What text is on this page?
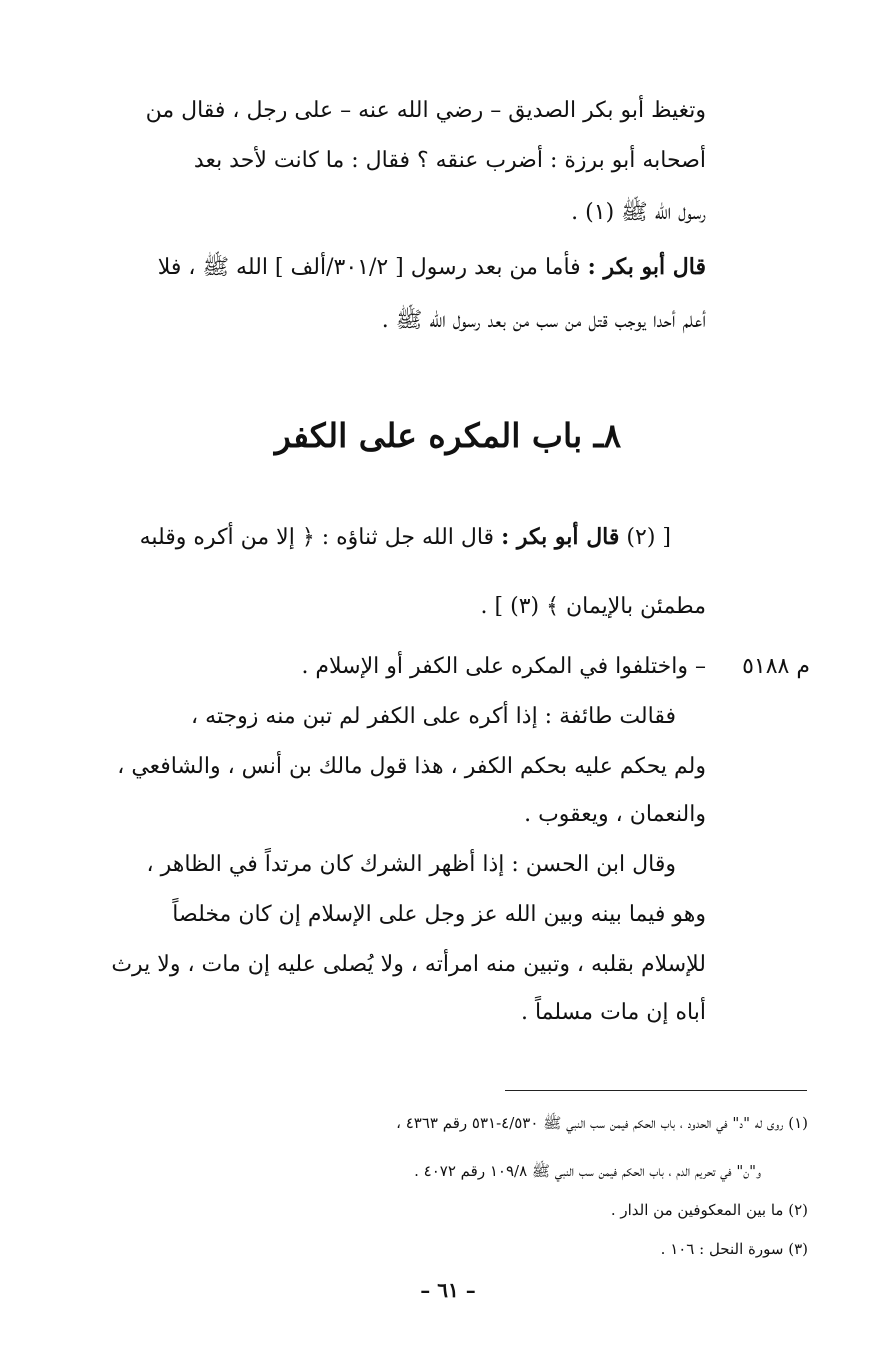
وتغيظ أبو بكر الصديق – رضي الله عنه – على رجل ، فقال من
أصحابه أبو برزة : أضرب عنقه ؟ فقال : ما كانت لأحد بعد
رسول الله ﷺ (١) .
قال أبو بكر : فأما من بعد رسول [ ٣٠١/٢/ألف ] الله ﷺ ، فلا
أعلم أحدا يوجب قتل من سب من بعد رسول الله ﷺ .
٨ـ باب المكره على الكفر
[ (٢) قال أبو بكر : قال الله جل ثناؤه : ﴿ إلا من أكره وقلبه
مطمئن بالإيمان ﴾ (٣) ] .
م ٥١٨٨
– واختلفوا في المكره على الكفر أو الإسلام .
فقالت طائفة : إذا أكره على الكفر لم تبن منه زوجته ،
ولم يحكم عليه بحكم الكفر ، هذا قول مالك بن أنس ، والشافعي ،
والنعمان ، ويعقوب .
وقال ابن الحسن : إذا أظهر الشرك كان مرتداً في الظاهر ،
وهو فيما بينه وبين الله عز وجل على الإسلام إن كان مخلصاً
للإسلام بقلبه ، وتبين منه امرأته ، ولا يُصلى عليه إن مات ، ولا يرث
أباه إن مات مسلماً .
(١) روى له "د" في الحدود ، باب الحكم فيمن سب النبي ﷺ ٤/٥٣٠-٥٣١ رقم ٤٣٦٣ ،
و"ن" في تحريم الدم ، باب الحكم فيمن سب النبي ﷺ ١٠٩/٨ رقم ٤٠٧٢ .
(٢) ما بين المعكوفين من الدار .
(٣) سورة النحل : ١٠٦ .
– ٦١ –
